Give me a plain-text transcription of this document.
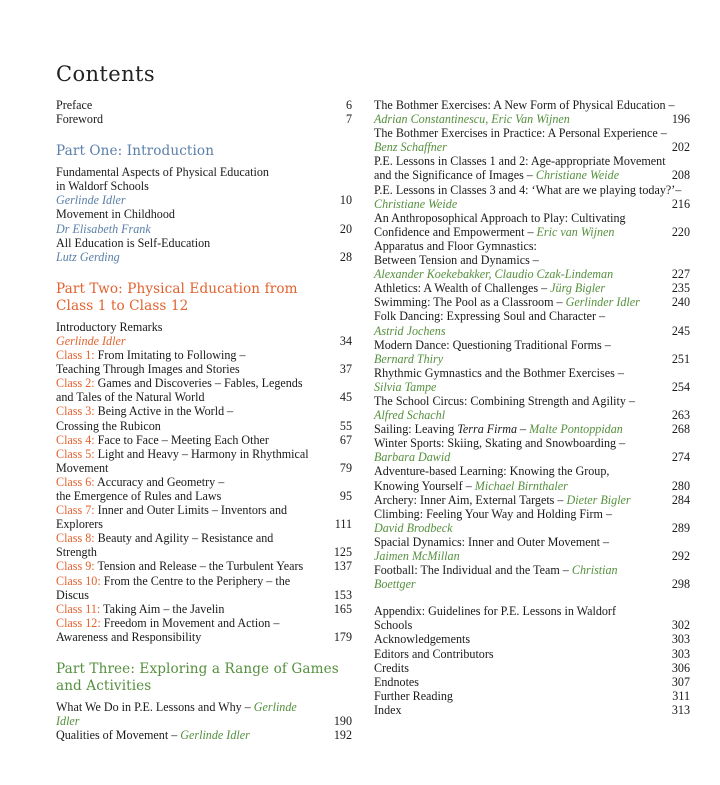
Contents
Preface	6
Foreword	7
Part One: Introduction
Fundamental Aspects of Physical Education
in Waldorf Schools
Gerlinde Idler	10
Movement in Childhood
Dr Elisabeth Frank	20
All Education is Self-Education
Lutz Gerding	28
Part Two: Physical Education from
Class 1 to Class 12
Introductory Remarks
Gerlinde Idler	34
Class 1: From Imitating to Following –
Teaching Through Images and Stories	37
Class 2: Games and Discoveries – Fables, Legends
and Tales of the Natural World	45
Class 3: Being Active in the World –
Crossing the Rubicon	55
Class 4: Face to Face – Meeting Each Other	67
Class 5: Light and Heavy – Harmony in Rhythmical
Movement	79
Class 6: Accuracy and Geometry –
the Emergence of Rules and Laws	95
Class 7: Inner and Outer Limits – Inventors and Explorers	111
Class 8: Beauty and Agility – Resistance and Strength	125
Class 9: Tension and Release – the Turbulent Years	137
Class 10: From the Centre to the Periphery – the Discus	153
Class 11: Taking Aim – the Javelin	165
Class 12: Freedom in Movement and Action –
Awareness and Responsibility	179
Part Three: Exploring a Range of Games
and Activities
What We Do in P.E. Lessons and Why – Gerlinde Idler	190
Qualities of Movement – Gerlinde Idler	192
The Bothmer Exercises: A New Form of Physical Education –
Adrian Constantinescu, Eric Van Wijnen	196
The Bothmer Exercises in Practice: A Personal Experience –
Benz Schaffner	202
P.E. Lessons in Classes 1 and 2: Age-appropriate Movement
and the Significance of Images – Christiane Weide	208
P.E. Lessons in Classes 3 and 4: ‘What are we playing today?’–
Christiane Weide	216
An Anthroposophical Approach to Play: Cultivating
Confidence and Empowerment – Eric van Wijnen	220
Apparatus and Floor Gymnastics:
Between Tension and Dynamics –
Alexander Koekebakker, Claudio Czak-Lindeman	227
Athletics: A Wealth of Challenges – Jürg Bigler	235
Swimming: The Pool as a Classroom – Gerlinder Idler	240
Folk Dancing: Expressing Soul and Character –
Astrid Jochens	245
Modern Dance: Questioning Traditional Forms –
Bernard Thiry	251
Rhythmic Gymnastics and the Bothmer Exercises –
Silvia Tampe	254
The School Circus: Combining Strength and Agility –
Alfred Schachl	263
Sailing: Leaving Terra Firma – Malte Pontoppidan	268
Winter Sports: Skiing, Skating and Snowboarding –
Barbara Dawid	274
Adventure-based Learning: Knowing the Group,
Knowing Yourself – Michael Birnthaler	280
Archery: Inner Aim, External Targets – Dieter Bigler	284
Climbing: Feeling Your Way and Holding Firm –
David Brodbeck	289
Spacial Dynamics: Inner and Outer Movement –
Jaimen McMillan	292
Football: The Individual and the Team – Christian Boettger	298
Appendix: Guidelines for P.E. Lessons in Waldorf Schools	302
Acknowledgements	303
Editors and Contributors	303
Credits	306
Endnotes	307
Further Reading	311
Index	313
